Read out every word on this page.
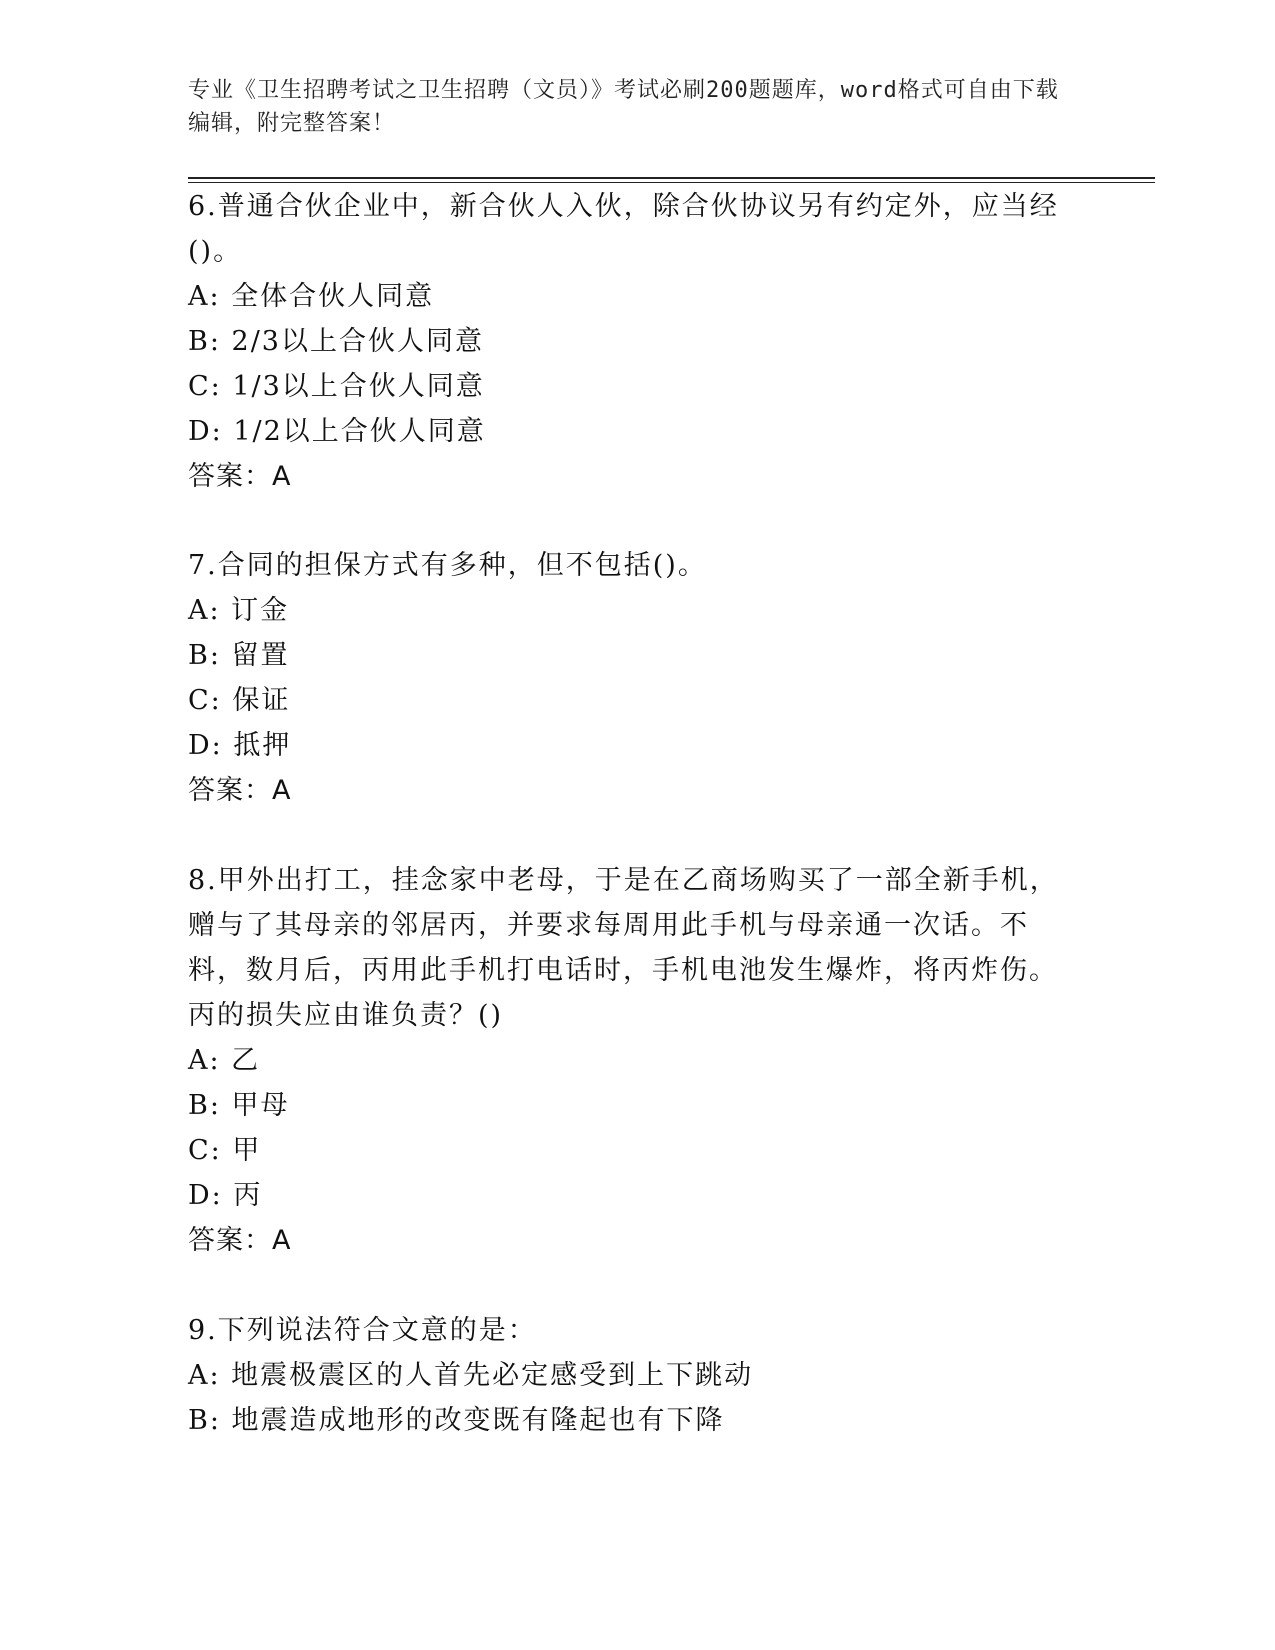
专业《卫生招聘考试之卫生招聘（文员）》考试必刷200题题库，word格式可自由下载编辑，附完整答案！
6.普通合伙企业中，新合伙人入伙，除合伙协议另有约定外，应当经()。
A: 全体合伙人同意
B: 2/3以上合伙人同意
C: 1/3以上合伙人同意
D: 1/2以上合伙人同意
答案：A
7.合同的担保方式有多种，但不包括()。
A: 订金
B: 留置
C: 保证
D: 抵押
答案：A
8.甲外出打工，挂念家中老母，于是在乙商场购买了一部全新手机，赠与了其母亲的邻居丙，并要求每周用此手机与母亲通一次话。不料，数月后，丙用此手机打电话时，手机电池发生爆炸，将丙炸伤。丙的损失应由谁负责？()
A: 乙
B: 甲母
C: 甲
D: 丙
答案：A
9.下列说法符合文意的是：
A: 地震极震区的人首先必定感受到上下跳动
B: 地震造成地形的改变既有隆起也有下降
